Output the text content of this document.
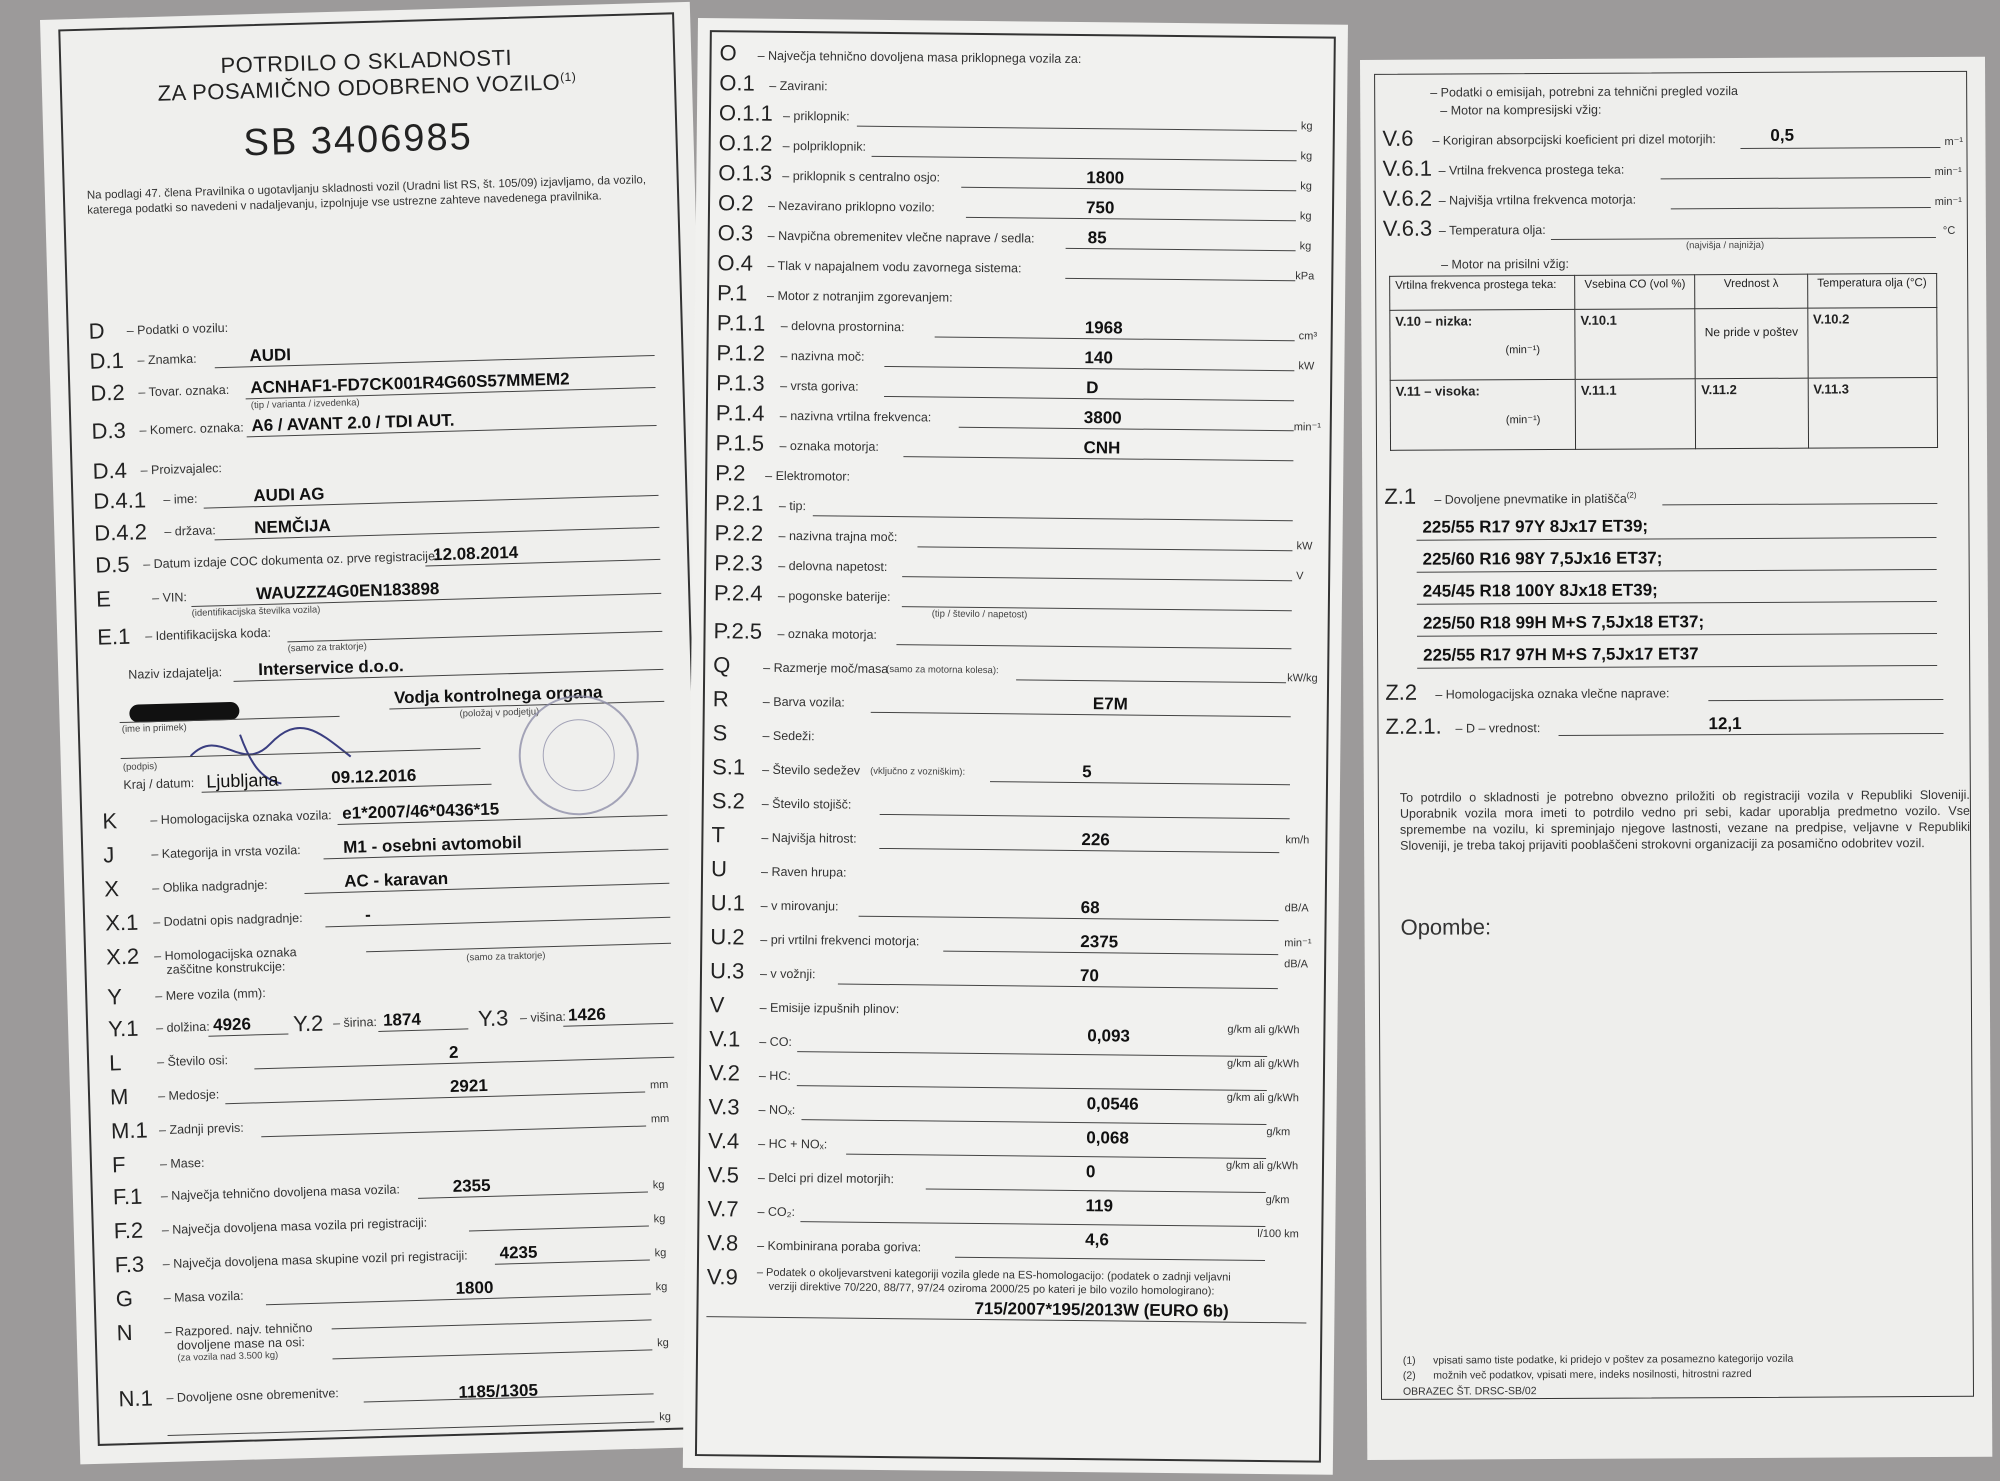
POTRDILO O SKLADNOSTI
ZA POSAMIČNO ODOBRENO VOZILO$^{(1)}$
SB 3406985
Na podlagi 47. člena Pravilnika o ugotavljanju skladnosti vozil (Uradni list RS, št. 105/09) izjavljamo, da vozilo, katerega podatki so navedeni v nadaljevanju, izpolnjuje vse ustrezne zahteve navedenega pravilnika.
D – Podatki o vozilu:
D.1 – Znamka:	AUDI
D.2 – Tovar. oznaka: ACNHAF1-FD7CK001R4G60S57MMEM2
(tip / varianta / izvedenka)
D.3 – Komerc. oznaka: A6 / AVANT 2.0 / TDI AUT.
D.4 – Proizvajalec:
D.4.1 – ime:	AUDI AG
D.4.2 – država: NEMČIJA
D.5 – Datum izdaje COC dokumenta oz. prve registracije:
12.08.2014
E	– VIN:	WAUZZZ4G0EN183898
(identifikacijska številka vozila)
E.1 – Identifikacijska koda:
(samo za traktorje)
Naziv izdajatelja: Interservice d.o.o.
Vodja kontrolnega organa
(položaj v podjetju)
(ime in priimek)
(podpis)
Kraj / datum: Ljubljana	09.12.2016
K	– Homologacijska oznaka vozila: e1*2007/46*0436*15
J	– Kategorija in vrsta vozila: M1 - osebni avtomobil
X	– Oblika nadgradnje:	AC - karavan
X.1 – Dodatni opis nadgradnje:	-
X.2 – Homologacijska oznaka
zaščitne konstrukcije:
(samo za traktorje)
Y	– Mere vozila (mm):
Y.1 – dolžina: 4926 Y.2 – širina: 1874	Y.3 – višina: 1426
L	– Število osi:	2
M – Medosje:	2921	mm
M.1 – Zadnji previs:
mm
F	– Mase:
F.1 – Največja tehnično dovoljena masa vozila:	2355	kg
F.2 – Največja dovoljena masa vozila pri registraciji:	kg
F.3 – Največja dovoljena masa skupine vozil pri registraciji: 4235	kg
G – Masa vozila:	1800	kg
N	– Razpored. najv. tehnično
dovoljene mase na osi:
(za vozila nad 3.500 kg)
kg
N.1 – Dovoljene osne obremenitve:	1185/1305
kg
O – Največja tehnično dovoljena masa priklopnega vozila za:
O.1 – Zavirani:
O.1.1 – priklopnik:
kg
O.1.2 – polpriklopnik:
kg
O.1.3 – priklopnik s centralno osjo:	1800	kg
O.2 – Nezavirano priklopno vozilo:	750	kg
O.3 – Navpična obremenitev vlečne naprave / sedla:	85	kg
O.4 – Tlak v napajalnem vodu zavornega sistema:
kPa
P.1 – Motor z notranjim zgorevanjem:
P.1.1 – delovna prostornina:	1968	cm³
P.1.2 – nazivna moč:	140	kW
P.1.3 – vrsta goriva:	D
P.1.4 – nazivna vrtilna frekvenca:	3800	min⁻¹
P.1.5 – oznaka motorja:	CNH
P.2 – Elektromotor:
P.2.1 – tip:
P.2.2 – nazivna trajna moč:
kW
P.2.3 – delovna napetost:
V
P.2.4 – pogonske baterije:
(tip / število / napetost)
P.2.5 – oznaka motorja:
Q	– Razmerje moč/masa
(samo za motorna kolesa):
kW/kg
R	– Barva vozila:	E7M
S	– Sedeži:
S.1 – Število sedežev (vključno z vozniškim):	5
S.2 – Število stojišč:
T	– Najvišja hitrost:	226	km/h
U	– Raven hrupa:
U.1 – v mirovanju:	68	dB/A
U.2 – pri vrtilni frekvenci motorja:	2375	min⁻¹
U.3 – v vožnji:	70
dB/A
V	– Emisije izpušnih plinov:
V.1 – CO:	0,093	g/km ali g/kWh
V.2 – HC:
g/km ali g/kWh
V.3 – NOₓ:	0,0546	g/km ali g/kWh
V.4 – HC + NOₓ:	0,068	g/km
V.5 – Delci pri dizel motorjih:	0	g/km ali g/kWh
V.7 – CO₂:	119	g/km
V.8 – Kombinirana poraba goriva:	4,6	l/100 km
V.9 – Podatek o okoljevarstveni kategoriji vozila glede na ES-homologacijo: (podatek o zadnji veljavni
verziji direktive 70/220, 88/77, 97/24 oziroma 2000/25 po kateri je bilo vozilo homologirano):
715/2007*195/2013W (EURO 6b)
– Podatki o emisijah, potrebni za tehnični pregled vozila
– Motor na kompresijski vžig:
V.6 – Korigiran absorpcijski koeficient pri dizel motorjih:	0,5	m⁻¹
V.6.1 – Vrtilna frekvenca prostega teka:	min⁻¹
V.6.2 – Najvišja vrtilna frekvenca motorja:	min⁻¹
V.6.3 – Temperatura olja:
(najvišja / najnižja)
°C
– Motor na prisilni vžig:
Vrtilna frekvenca prostega teka:	Vsebina CO (vol %)	Vrednost λ	Temperatura olja (°C)
V.10 – nizka:

(min⁻¹)	V.10.1	Ne pride v poštev	V.10.2
V.11 – visoka:

(min⁻¹)	V.11.1	V.11.2	V.11.3
Z.1 – Dovoljene pnevmatike in platišča$^{(2)}$
225/55 R17 97Y 8Jx17 ET39;
225/60 R16 98Y 7,5Jx16 ET37;
245/45 R18 100Y 8Jx18 ET39;
225/50 R18 99H M+S 7,5Jx18 ET37;
225/55 R17 97H M+S 7,5Jx17 ET37
Z.2 – Homologacijska oznaka vlečne naprave:
Z.2.1. – D – vrednost:	12,1
To potrdilo o skladnosti je potrebno obvezno priložiti ob registraciji vozila v Republiki Sloveniji. Uporabnik vozila mora imeti to potrdilo vedno pri sebi, kadar uporablja predmetno vozilo. Vse spremembe na vozilu, ki spreminjajo njegove lastnosti, vezane na predpise, veljavne v Republiki Sloveniji, je treba takoj prijaviti pooblaščeni strokovni organizaciji za posamično odobritev vozil.
Opombe:
(1) vpisati samo tiste podatke, ki pridejo v poštev za posamezno kategorijo vozila
(2) možnih več podatkov, vpisati mere, indeks nosilnosti, hitrostni razred
OBRAZEC ŠT. DRSC-SB/02
